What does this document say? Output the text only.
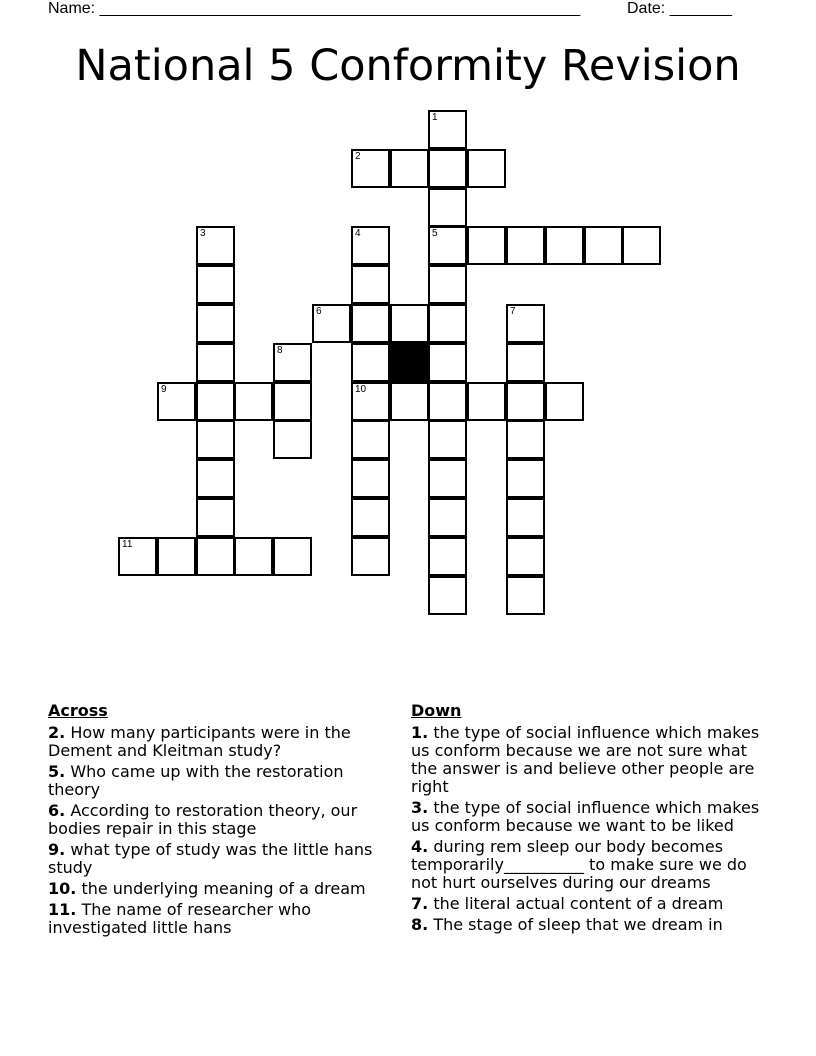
Name: ______________________________________________________	Date: _______
National 5 Conformity Revision
1
2
3	4	5
6	7
8
9	10
11
Across
2. How many participants were in the Dement and Kleitman study?
5. Who came up with the restoration theory
6. According to restoration theory, our bodies repair in this stage
9. what type of study was the little hans study
10. the underlying meaning of a dream
11. The name of researcher who investigated little hans
Down
1. the type of social influence which makes us conform because we are not sure what the answer is and believe other people are right
3. the type of social influence which makes us conform because we want to be liked
4. during rem sleep our body becomes temporarily__________ to make sure we do not hurt ourselves during our dreams
7. the literal actual content of a dream
8. The stage of sleep that we dream in
